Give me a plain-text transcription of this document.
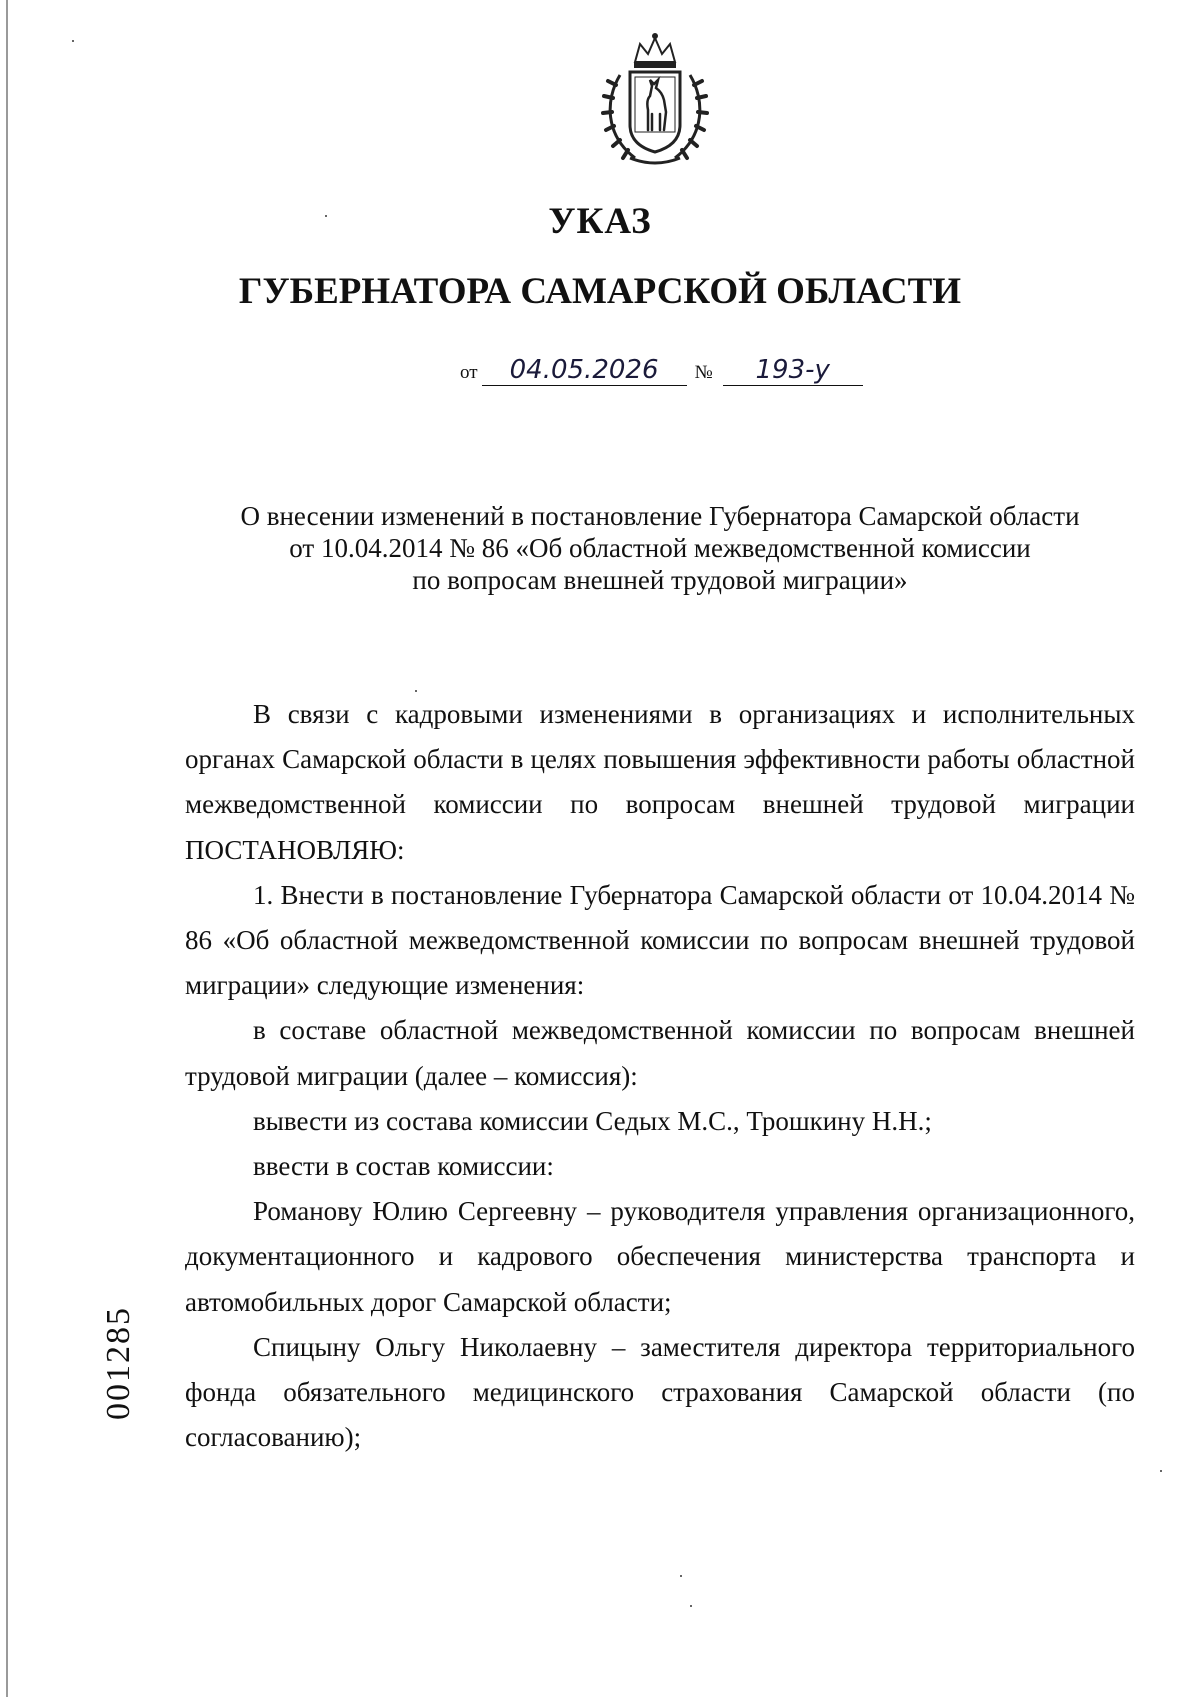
УКАЗ
ГУБЕРНАТОРА САМАРСКОЙ ОБЛАСТИ
от	04.05.2026	№	193-у
О внесении изменений в постановление Губернатора Самарской области
от 10.04.2014 № 86 «Об областной межведомственной комиссии
по вопросам внешней трудовой миграции»

В связи с кадровыми изменениями в организациях и исполнительных органах Самарской области в целях повышения эффективности работы областной межведомственной комиссии по вопросам внешней трудовой миграции ПОСТАНОВЛЯЮ:

1. Внести в постановление Губернатора Самарской области от 10.04.2014 № 86 «Об областной межведомственной комиссии по вопросам внешней трудовой миграции» следующие изменения:

в составе областной межведомственной комиссии по вопросам внешней трудовой миграции (далее – комиссия):

вывести из состава комиссии Седых М.С., Трошкину Н.Н.;

ввести в состав комиссии:

Романову Юлию Сергеевну – руководителя управления организационного, документационного и кадрового обеспечения министерства транспорта и автомобильных дорог Самарской области;

Спицыну Ольгу Николаевну – заместителя директора территориального фонда обязательного медицинского страхования Самарской области (по согласованию);

001285
